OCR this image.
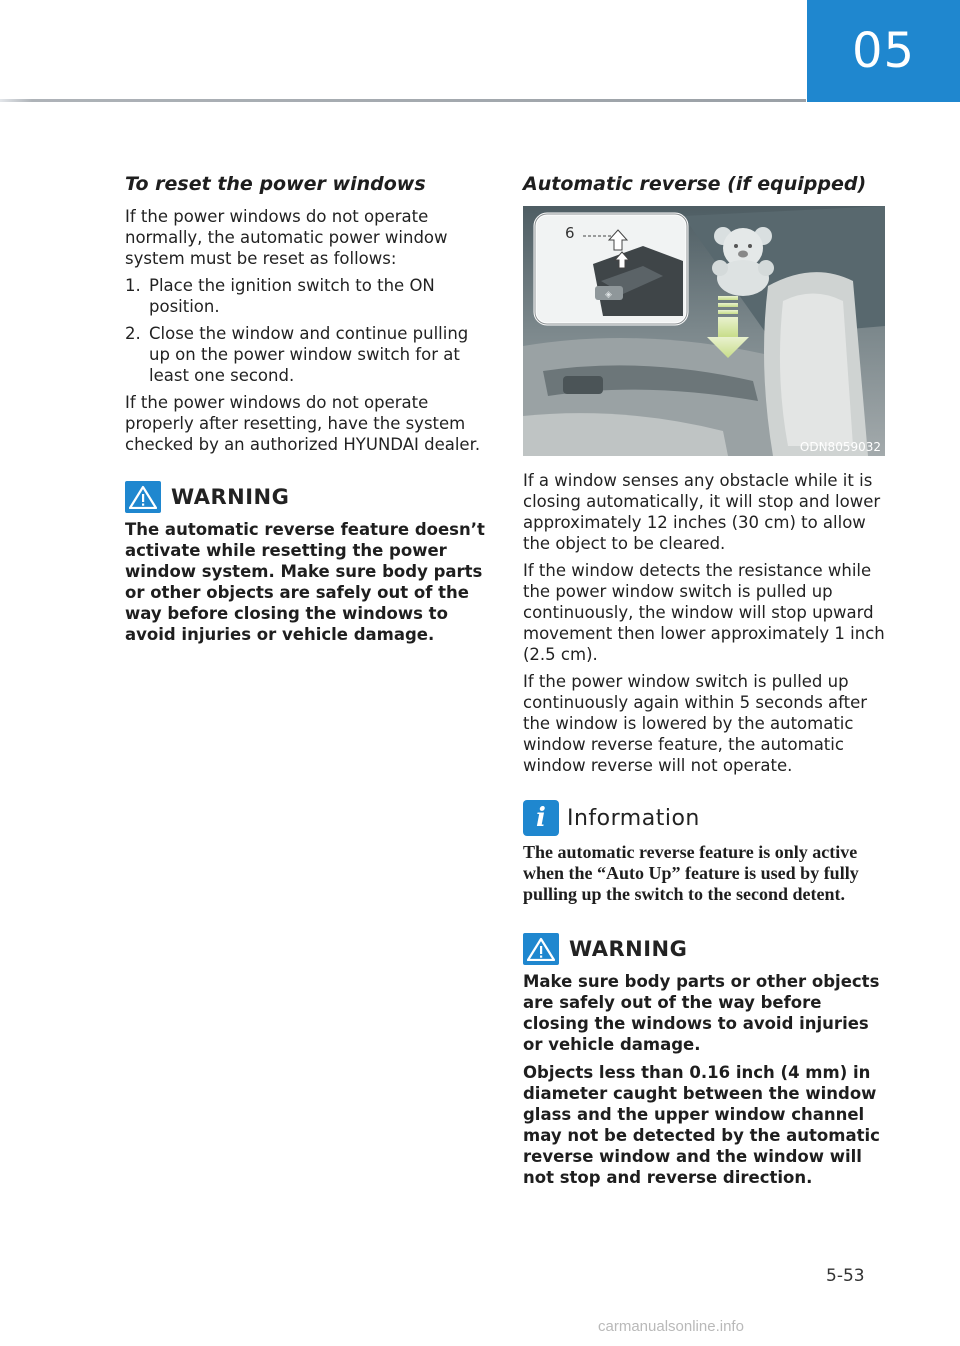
05
To reset the power windows

If the power windows do not operate normally, the automatic power window system must be reset as follows:

1. Place the ignition switch to the ON position.
2. Close the window and continue pulling up on the power window switch for at least one second.

If the power windows do not operate properly after resetting, have the system checked by an authorized HYUNDAI dealer.

WARNING

The automatic reverse feature doesn’t activate while resetting the power window system. Make sure body parts or other objects are safely out of the way before closing the windows to avoid injuries or vehicle damage.

Automatic reverse (if equipped)
◈
6
ODN8059032

If a window senses any obstacle while it is closing automatically, it will stop and lower approximately 12 inches (30 cm) to allow the object to be cleared.

If the window detects the resistance while the power window switch is pulled up continuously, the window will stop upward movement then lower approximately 1 inch (2.5 cm).

If the power window switch is pulled up continuously again within 5 seconds after the window is lowered by the automatic window reverse feature, the automatic window reverse will not operate.

i Information

The automatic reverse feature is only active when the “Auto Up” feature is used by fully pulling up the switch to the second detent.

WARNING

Make sure body parts or other objects are safely out of the way before closing the windows to avoid injuries or vehicle damage.

Objects less than 0.16 inch (4 mm) in diameter caught between the window glass and the upper window channel may not be detected by the automatic reverse window and the window will not stop and reverse direction.

5-53
carmanualsonline.info
